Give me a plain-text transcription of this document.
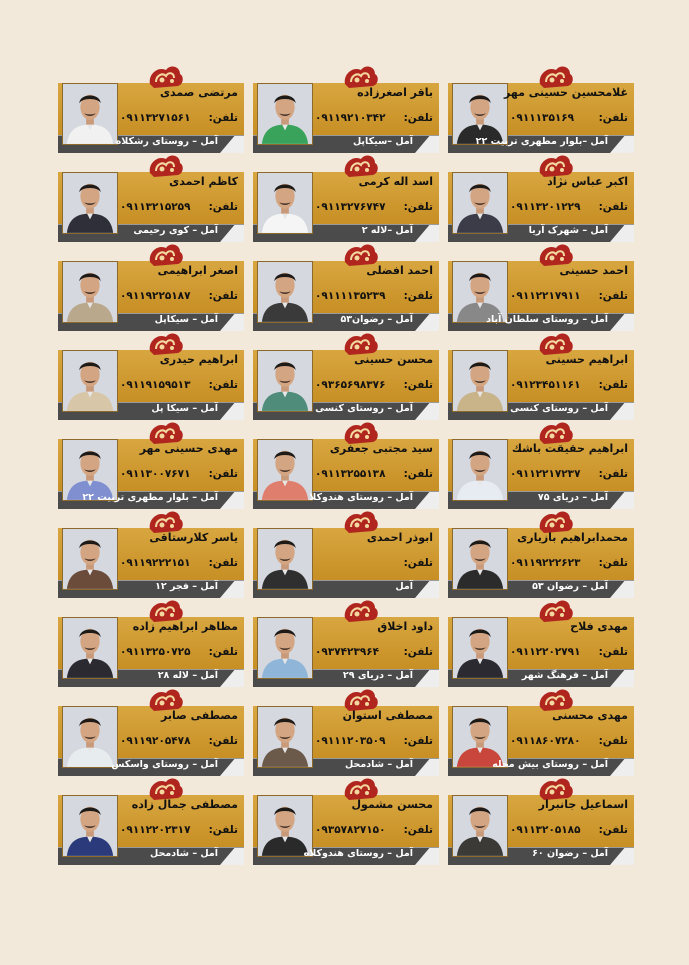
مرتضی صمدی
تلفن:
۰۹۱۱۳۲۷۱۵۶۱
آمل – روستای رشکلاه
باقر اصغرزاده
تلفن:
۰۹۱۱۹۲۱۰۳۴۲
آمل –سیکاپل
غلامحسین حسینی مهر
تلفن:
۰۹۱۱۱۳۵۱۶۹
آمل –بلوار مطهری تربیت ۲۲
کاظم احمدی
تلفن:
۰۹۱۱۳۲۱۵۲۵۹
آمل – کوی رحیمی
اسد اله کرمی
تلفن:
۰۹۱۱۳۲۷۶۷۴۷
آمل –لاله ۲
اکبر عباس نژاد
تلفن:
۰۹۱۱۳۲۰۱۲۲۹
آمل – شهرک آریا
اصغر ابراهیمی
تلفن:
۰۹۱۱۹۲۲۵۱۸۷
آمل – سیکاپل
احمد افضلی
تلفن:
۰۹۱۱۱۱۳۵۲۳۹
آمل – رضوان۵۳
احمد حسینی
تلفن:
۰۹۱۱۲۲۱۷۹۱۱
آمل – روستای سلطان آباد
ابراهیم حیدری
تلفن:
۰۹۱۱۹۱۵۹۵۱۳
آمل – سیکا پل
محسن حسینی
تلفن:
۰۹۳۶۵۶۹۸۳۷۶
آمل – روستای کنسی
ابراهیم حسینی
تلفن:
۰۹۱۲۳۴۵۱۱۶۱
آمل – روستای کنسی
مهدی حسینی مهر
تلفن:
۰۹۱۱۳۰۰۷۶۷۱
آمل – بلوار مطهری تربیت ۲۲
سید مجتبی جعفری
تلفن:
۰۹۱۱۳۲۵۵۱۳۸
آمل – روستای هندوکلا
ابراهیم حقیقت باشك
تلفن:
۰۹۱۱۲۲۱۷۲۳۷
آمل – دریای ۷۵
یاسر کلارستاقی
تلفن:
۰۹۱۱۹۲۲۲۱۵۱
آمل – فجر ۱۲
ابوذر احمدی
تلفن:
آمل
محمدابراهیم بازیاری
تلفن:
۰۹۱۱۹۲۲۲۶۲۳
آمل – رضوان ۵۳
مظاهر ابراهیم زاده
تلفن:
۰۹۱۱۳۲۵۰۷۲۵
آمل – لاله ۲۸
داود اخلاق
تلفن:
۰۹۳۷۴۲۳۹۶۴
آمل – دریای ۲۹
مهدی فلاح
تلفن:
۰۹۱۱۲۲۰۲۷۹۱
آمل – فرهنگ شهر
مصطفی صابر
تلفن:
۰۹۱۱۹۲۰۵۴۷۸
آمل – روستای واسکس
مصطفی استوان
تلفن:
۰۹۱۱۱۲۰۳۵۰۹
آمل – شادمحل
مهدی محسنی
تلفن:
۰۹۱۱۸۶۰۷۲۸۰
آمل – روستای بیش محله
مصطفی جمال زاده
تلفن:
۰۹۱۱۲۲۰۲۳۱۷
آمل – شادمحل
محسن مشمول
تلفن:
۰۹۳۵۷۸۲۷۱۵۰
آمل – روستای هندوکلاه
اسماعیل جانبرار
تلفن:
۰۹۱۱۳۲۰۵۱۸۵
آمل – رضوان ۶۰
